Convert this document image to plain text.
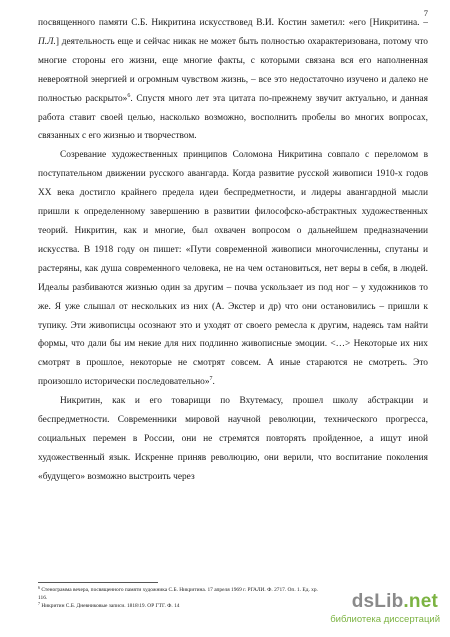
7

посвященного памяти С.Б. Никритина искусствовед В.И. Костин заметил: «его [Никритина. – П.Л.] деятельность еще и сейчас никак не может быть полностью охарактеризована, потому что многие стороны его жизни, еще многие факты, с которыми связана вся его наполненная невероятной энергией и огромным чувством жизнь, – все это недостаточно изучено и далеко не полностью раскрыто»$^6$. Спустя много лет эта цитата по-прежнему звучит актуально, и данная работа ставит своей целью, насколько возможно, восполнить пробелы во многих вопросах, связанных с его жизнью и творчеством.

Созревание художественных принципов Соломона Никритина совпало с переломом в поступательном движении русского авангарда. Когда развитие русской живописи 1910-х годов XX века достигло крайнего предела идеи беспредметности, и лидеры авангардной мысли пришли к определенному завершению в развитии философско-абстрактных художественных теорий. Никритин, как и многие, был охвачен вопросом о дальнейшем предназначении искусства. В 1918 году он пишет: «Пути современной живописи многочисленны, спутаны и растеряны, как душа современного человека, не на чем остановиться, нет веры в себя, в людей. Идеалы разбиваются жизнью один за другим – почва ускользает из под ног – у художников то же. Я уже слышал от нескольких из них (А. Экстер и др) что они остановились – пришли к тупику. Эти живописцы осознают это и уходят от своего ремесла к другим, надеясь там найти формы, что дали бы им некие для них подлинно живописные эмоции. <…> Некоторые их них смотрят в прошлое, некоторые не смотрят совсем. А иные стараются не смотреть. Это произошло исторически последовательно»$^7$.

Никритин, как и его товарищи по Вхутемасу, прошел школу абстракции и беспредметности. Современники мировой научной революции, технического прогресса, социальных перемен в России, они не стремятся повторять пройденное, а ищут иной художественный язык. Искренне приняв революцию, они верили, что воспитание поколения «будущего» возможно выстроить через

$^6$ Стенограмма вечера, посвященного памяти художника С.Б. Никритина. 17 апреля 1969 г. РГАЛИ. Ф. 2717. Оп. 1. Ед. хр. 116.

$^7$ Никритин С.Б. Дневниковые записи. 1818\19. ОР ГТГ. Ф. 14	dsLib.net
библиотека диссертаций
